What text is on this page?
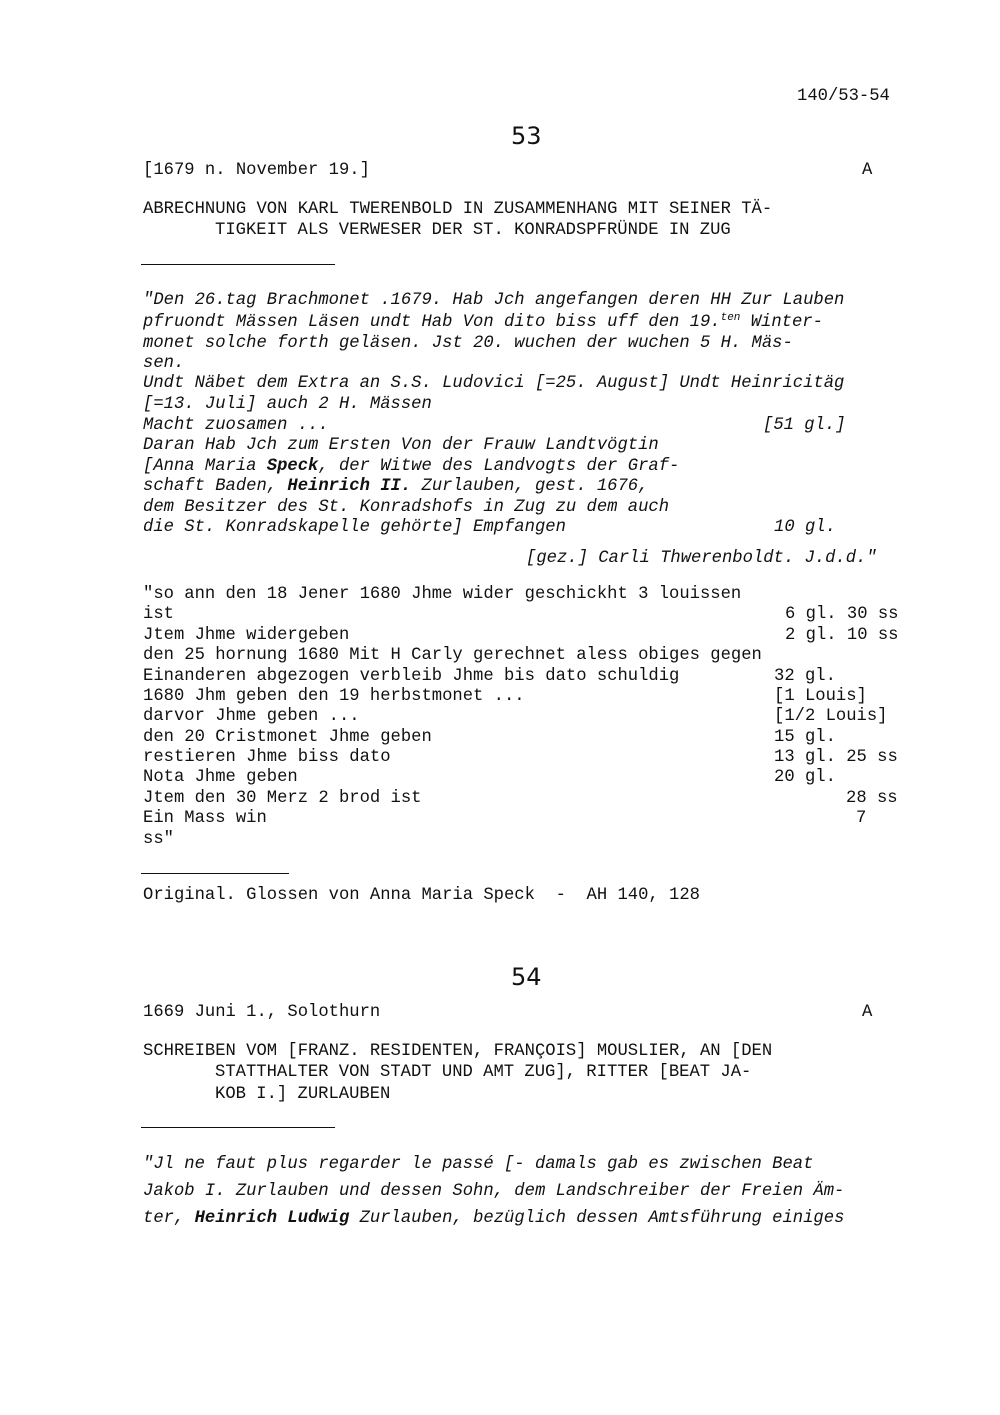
140/53-54
53
[1679 n. November 19.]	A
ABRECHNUNG VON KARL TWERENBOLD IN ZUSAMMENHANG MIT SEINER TÄ-
TIGKEIT ALS VERWESER DER ST. KONRADSPFRÜNDE IN ZUG
"Den 26.tag Brachmonet .1679. Hab Jch angefangen deren HH Zur Lauben
pfruondt Mässen Läsen undt Hab Von dito biss uff den 19.$^{ten}$ Winter-
monet solche forth geläsen. Jst 20. wuchen der wuchen 5 H. Mäs-
sen.
Undt Näbet dem Extra an S.S. Ludovici [=25. August] Undt Heinricitäg
[=13. Juli] auch 2 H. Mässen
Macht zuosamen ...	[51 gl.]
Daran Hab Jch zum Ersten Von der Frauw Landtvögtin
[Anna Maria Speck, der Witwe des Landvogts der Graf-
schaft Baden, Heinrich II. Zurlauben, gest. 1676,
dem Besitzer des St. Konradshofs in Zug zu dem auch
die St. Konradskapelle gehörte] Empfangen	10 gl.
[gez.] Carli Thwerenboldt. J.d.d."
"so ann den 18 Jener 1680 Jhme wider geschickht 3 louissen
ist	6 gl. 30 ss
Jtem Jhme widergeben	2 gl. 10 ss
den 25 hornung 1680 Mit H Carly gerechnet aless obiges gegen
Einanderen abgezogen verbleib Jhme bis dato schuldig	32 gl.
1680 Jhm geben den 19 herbstmonet ...	[1 Louis]
darvor Jhme geben ...	[1/2 Louis]
den 20 Cristmonet Jhme geben	15 gl.
restieren Jhme biss dato	13 gl. 25 ss
Nota Jhme geben	20 gl.
Jtem den 30 Merz 2 brod ist	28 ss
Ein Mass win	7
ss"
Original. Glossen von Anna Maria Speck  -  AH 140, 128
54
1669 Juni 1., Solothurn	A
SCHREIBEN VOM [FRANZ. RESIDENTEN, FRANÇOIS] MOUSLIER, AN [DEN
STATTHALTER VON STADT UND AMT ZUG], RITTER [BEAT JA-
KOB I.] ZURLAUBEN
"Jl ne faut plus regarder le passé [- damals gab es zwischen Beat
Jakob I. Zurlauben und dessen Sohn, dem Landschreiber der Freien Äm-
ter, Heinrich Ludwig Zurlauben, bezüglich dessen Amtsführung einiges
